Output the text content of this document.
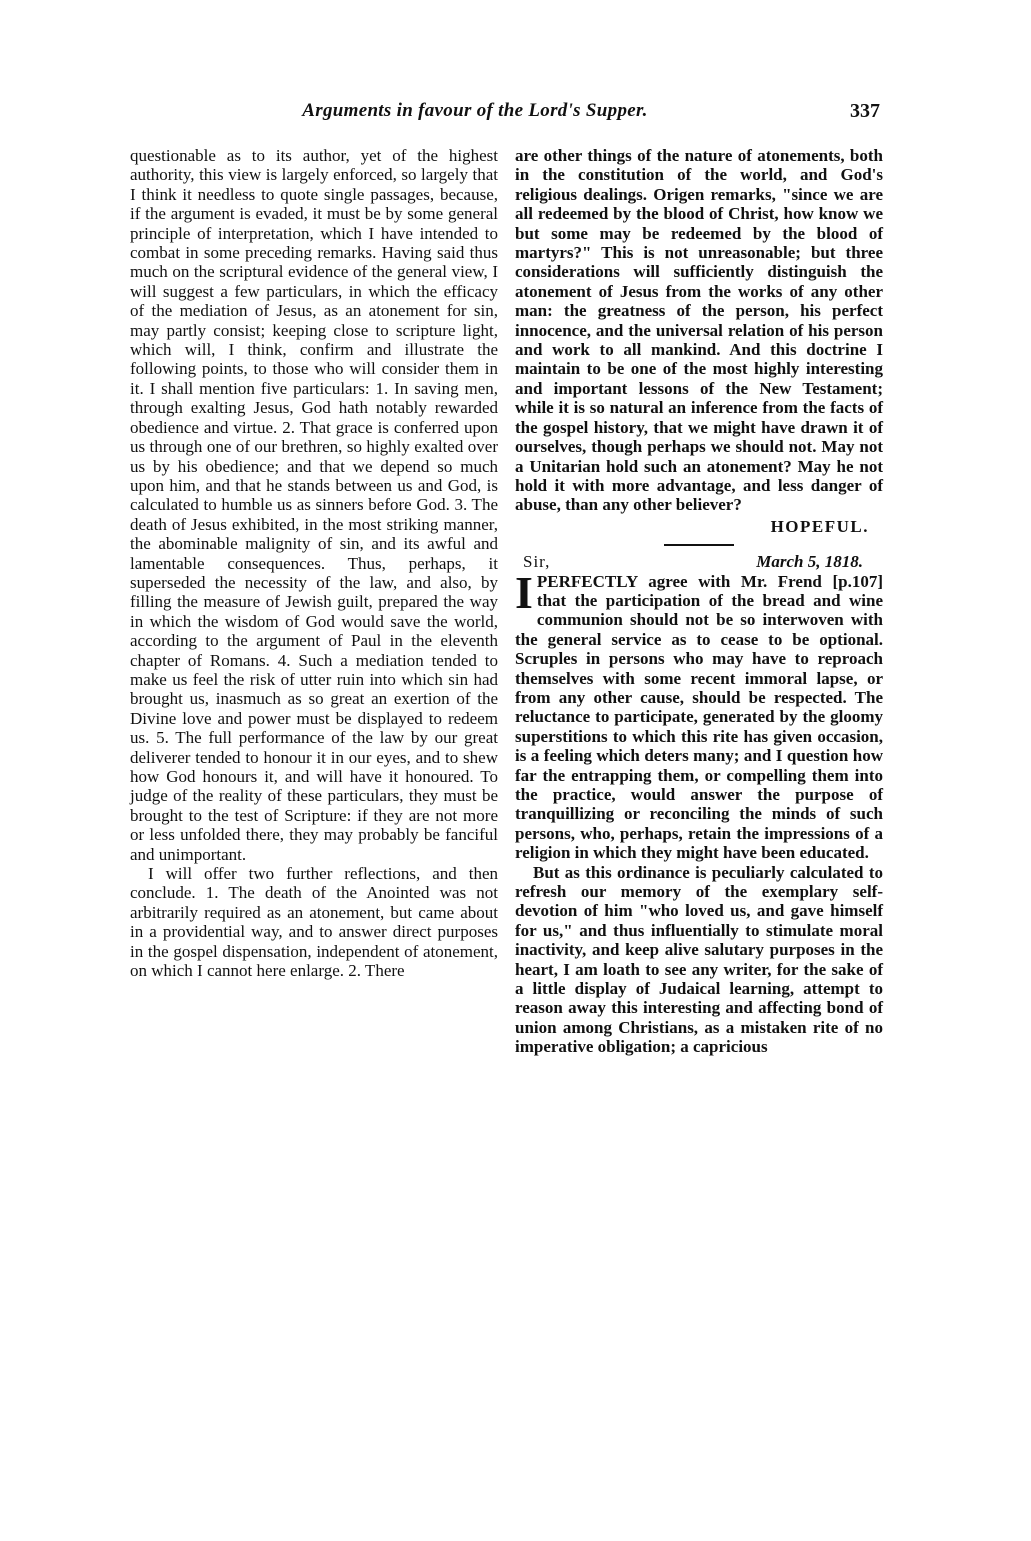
Arguments in favour of the Lord's Supper.	337

questionable as to its author, yet of the highest authority, this view is largely enforced, so largely that I think it needless to quote single passages, because, if the argument is evaded, it must be by some general principle of interpretation, which I have intended to combat in some preceding remarks. Having said thus much on the scriptural evidence of the general view, I will suggest a few particulars, in which the efficacy of the mediation of Jesus, as an atonement for sin, may partly consist; keeping close to scripture light, which will, I think, confirm and illustrate the following points, to those who will consider them in it. I shall mention five particulars: 1. In saving men, through exalting Jesus, God hath notably rewarded obedience and virtue. 2. That grace is conferred upon us through one of our brethren, so highly exalted over us by his obedience; and that we depend so much upon him, and that he stands between us and God, is calculated to humble us as sinners before God. 3. The death of Jesus exhibited, in the most striking manner, the abominable malignity of sin, and its awful and lamentable consequences. Thus, perhaps, it superseded the necessity of the law, and also, by filling the measure of Jewish guilt, prepared the way in which the wisdom of God would save the world, according to the argument of Paul in the eleventh chapter of Romans. 4. Such a mediation tended to make us feel the risk of utter ruin into which sin had brought us, inasmuch as so great an exertion of the Divine love and power must be displayed to redeem us. 5. The full performance of the law by our great deliverer tended to honour it in our eyes, and to shew how God honours it, and will have it honoured. To judge of the reality of these particulars, they must be brought to the test of Scripture: if they are not more or less unfolded there, they may probably be fanciful and unimportant.

I will offer two further reflections, and then conclude. 1. The death of the Anointed was not arbitrarily required as an atonement, but came about in a providential way, and to answer direct purposes in the gospel dispensation, independent of atonement, on which I cannot here enlarge. 2. There

are other things of the nature of atonements, both in the constitution of the world, and God's religious dealings. Origen remarks, "since we are all redeemed by the blood of Christ, how know we but some may be redeemed by the blood of martyrs?" This is not unreasonable; but three considerations will sufficiently distinguish the atonement of Jesus from the works of any other man: the greatness of the person, his perfect innocence, and the universal relation of his person and work to all mankind. And this doctrine I maintain to be one of the most highly interesting and important lessons of the New Testament; while it is so natural an inference from the facts of the gospel history, that we might have drawn it of ourselves, though perhaps we should not. May not a Unitarian hold such an atonement? May he not hold it with more advantage, and less danger of abuse, than any other believer?

HOPEFUL.
Sir,	March 5, 1818.

IPERFECTLY agree with Mr. Frend [p.107] that the participation of the bread and wine communion should not be so interwoven with the general service as to cease to be optional. Scruples in persons who may have to reproach themselves with some recent immoral lapse, or from any other cause, should be respected. The reluctance to participate, generated by the gloomy superstitions to which this rite has given occasion, is a feeling which deters many; and I question how far the entrapping them, or compelling them into the practice, would answer the purpose of tranquillizing or reconciling the minds of such persons, who, perhaps, retain the impressions of a religion in which they might have been educated.

But as this ordinance is peculiarly calculated to refresh our memory of the exemplary self-devotion of him "who loved us, and gave himself for us," and thus influentially to stimulate moral inactivity, and keep alive salutary purposes in the heart, I am loath to see any writer, for the sake of a little display of Judaical learning, attempt to reason away this interesting and affecting bond of union among Christians, as a mistaken rite of no imperative obligation; a capricious
